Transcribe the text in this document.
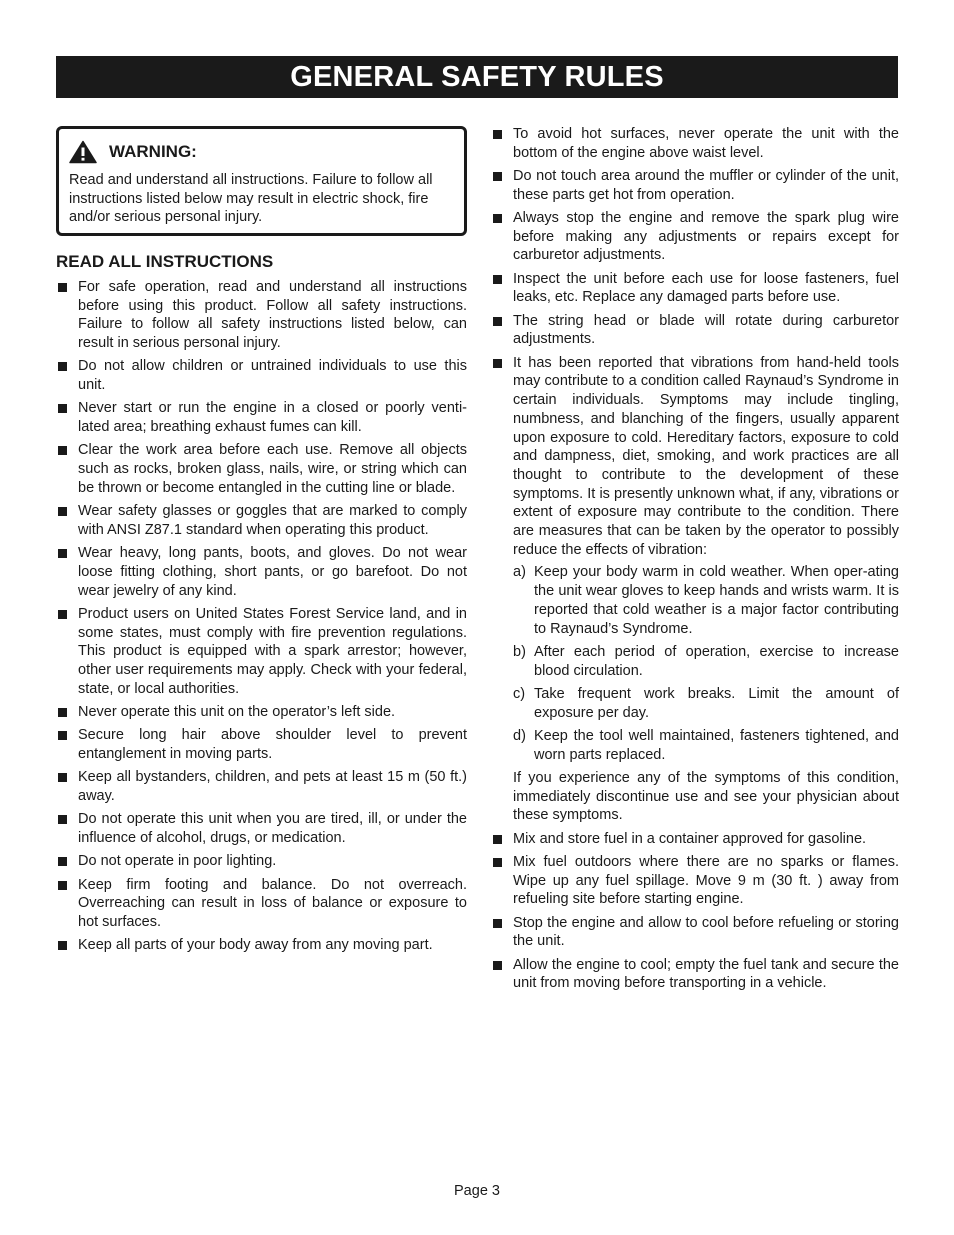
GENERAL SAFETY RULES
WARNING:
Read and understand all instructions. Failure to follow all instructions listed below may result in electric shock, fire and/or serious personal injury.
READ ALL INSTRUCTIONS
For safe operation, read and understand all instructions before using this product. Follow all safety instructions. Failure to follow all safety instructions listed below, can result in serious personal injury.
Do not allow children or untrained individuals to use this unit.
Never start or run the engine in a closed or poorly venti-lated area; breathing exhaust fumes can kill.
Clear the work area before each use. Remove all objects such as rocks, broken glass, nails, wire, or string which can be thrown or become entangled in the cutting line or blade.
Wear safety glasses or goggles that are marked to comply with ANSI Z87.1 standard when operating this product.
Wear heavy, long pants, boots, and gloves. Do not wear loose fitting clothing, short pants, or go barefoot. Do not wear jewelry of any kind.
Product users on United States Forest Service land, and in some states, must comply with fire prevention regulations. This product is equipped with a spark arrestor; however, other user requirements may apply. Check with your federal, state, or local authorities.
Never operate this unit on the operator’s left side.
Secure long hair above shoulder level to prevent entanglement in moving parts.
Keep all bystanders, children, and pets at least 15 m (50 ft.) away.
Do not operate this unit when you are tired, ill, or under the influence of alcohol, drugs, or medication.
Do not operate in poor lighting.
Keep firm footing and balance. Do not overreach. Overreaching can result in loss of balance or exposure to hot surfaces.
Keep all parts of your body away from any moving part.
To avoid hot surfaces, never operate the unit with the bottom of the engine above waist level.
Do not touch area around the muffler or cylinder of the unit, these parts get hot from operation.
Always stop the engine and remove the spark plug wire before making any adjustments or repairs except for carburetor adjustments.
Inspect the unit before each use for loose fasteners, fuel leaks, etc. Replace any damaged parts before use.
The string head or blade will rotate during carburetor adjustments.
It has been reported that vibrations from hand-held tools may contribute to a condition called Raynaud’s Syndrome in certain individuals. Symptoms may include tingling, numbness, and blanching of the fingers, usually apparent upon exposure to cold. Hereditary factors, exposure to cold and dampness, diet, smoking, and work practices are all thought to contribute to the development of these symptoms. It is presently unknown what, if any, vibrations or extent of exposure may contribute to the condition. There are measures that can be taken by the operator to possibly reduce the effects of vibration:
a) Keep your body warm in cold weather. When oper-ating the unit wear gloves to keep hands and wrists warm. It is reported that cold weather is a major factor contributing to Raynaud’s Syndrome.
b) After each period of operation, exercise to increase blood circulation.
c) Take frequent work breaks. Limit the amount of exposure per day.
d) Keep the tool well maintained, fasteners tightened, and worn parts replaced.
If you experience any of the symptoms of this condition, immediately discontinue use and see your physician about these symptoms.
Mix and store fuel in a container approved for gasoline.
Mix fuel outdoors where there are no sparks or flames. Wipe up any fuel spillage. Move 9 m (30 ft. ) away from refueling site before starting engine.
Stop the engine and allow to cool before refueling or storing the unit.
Allow the engine to cool; empty the fuel tank and secure the unit from moving before transporting in a vehicle.
Page 3
